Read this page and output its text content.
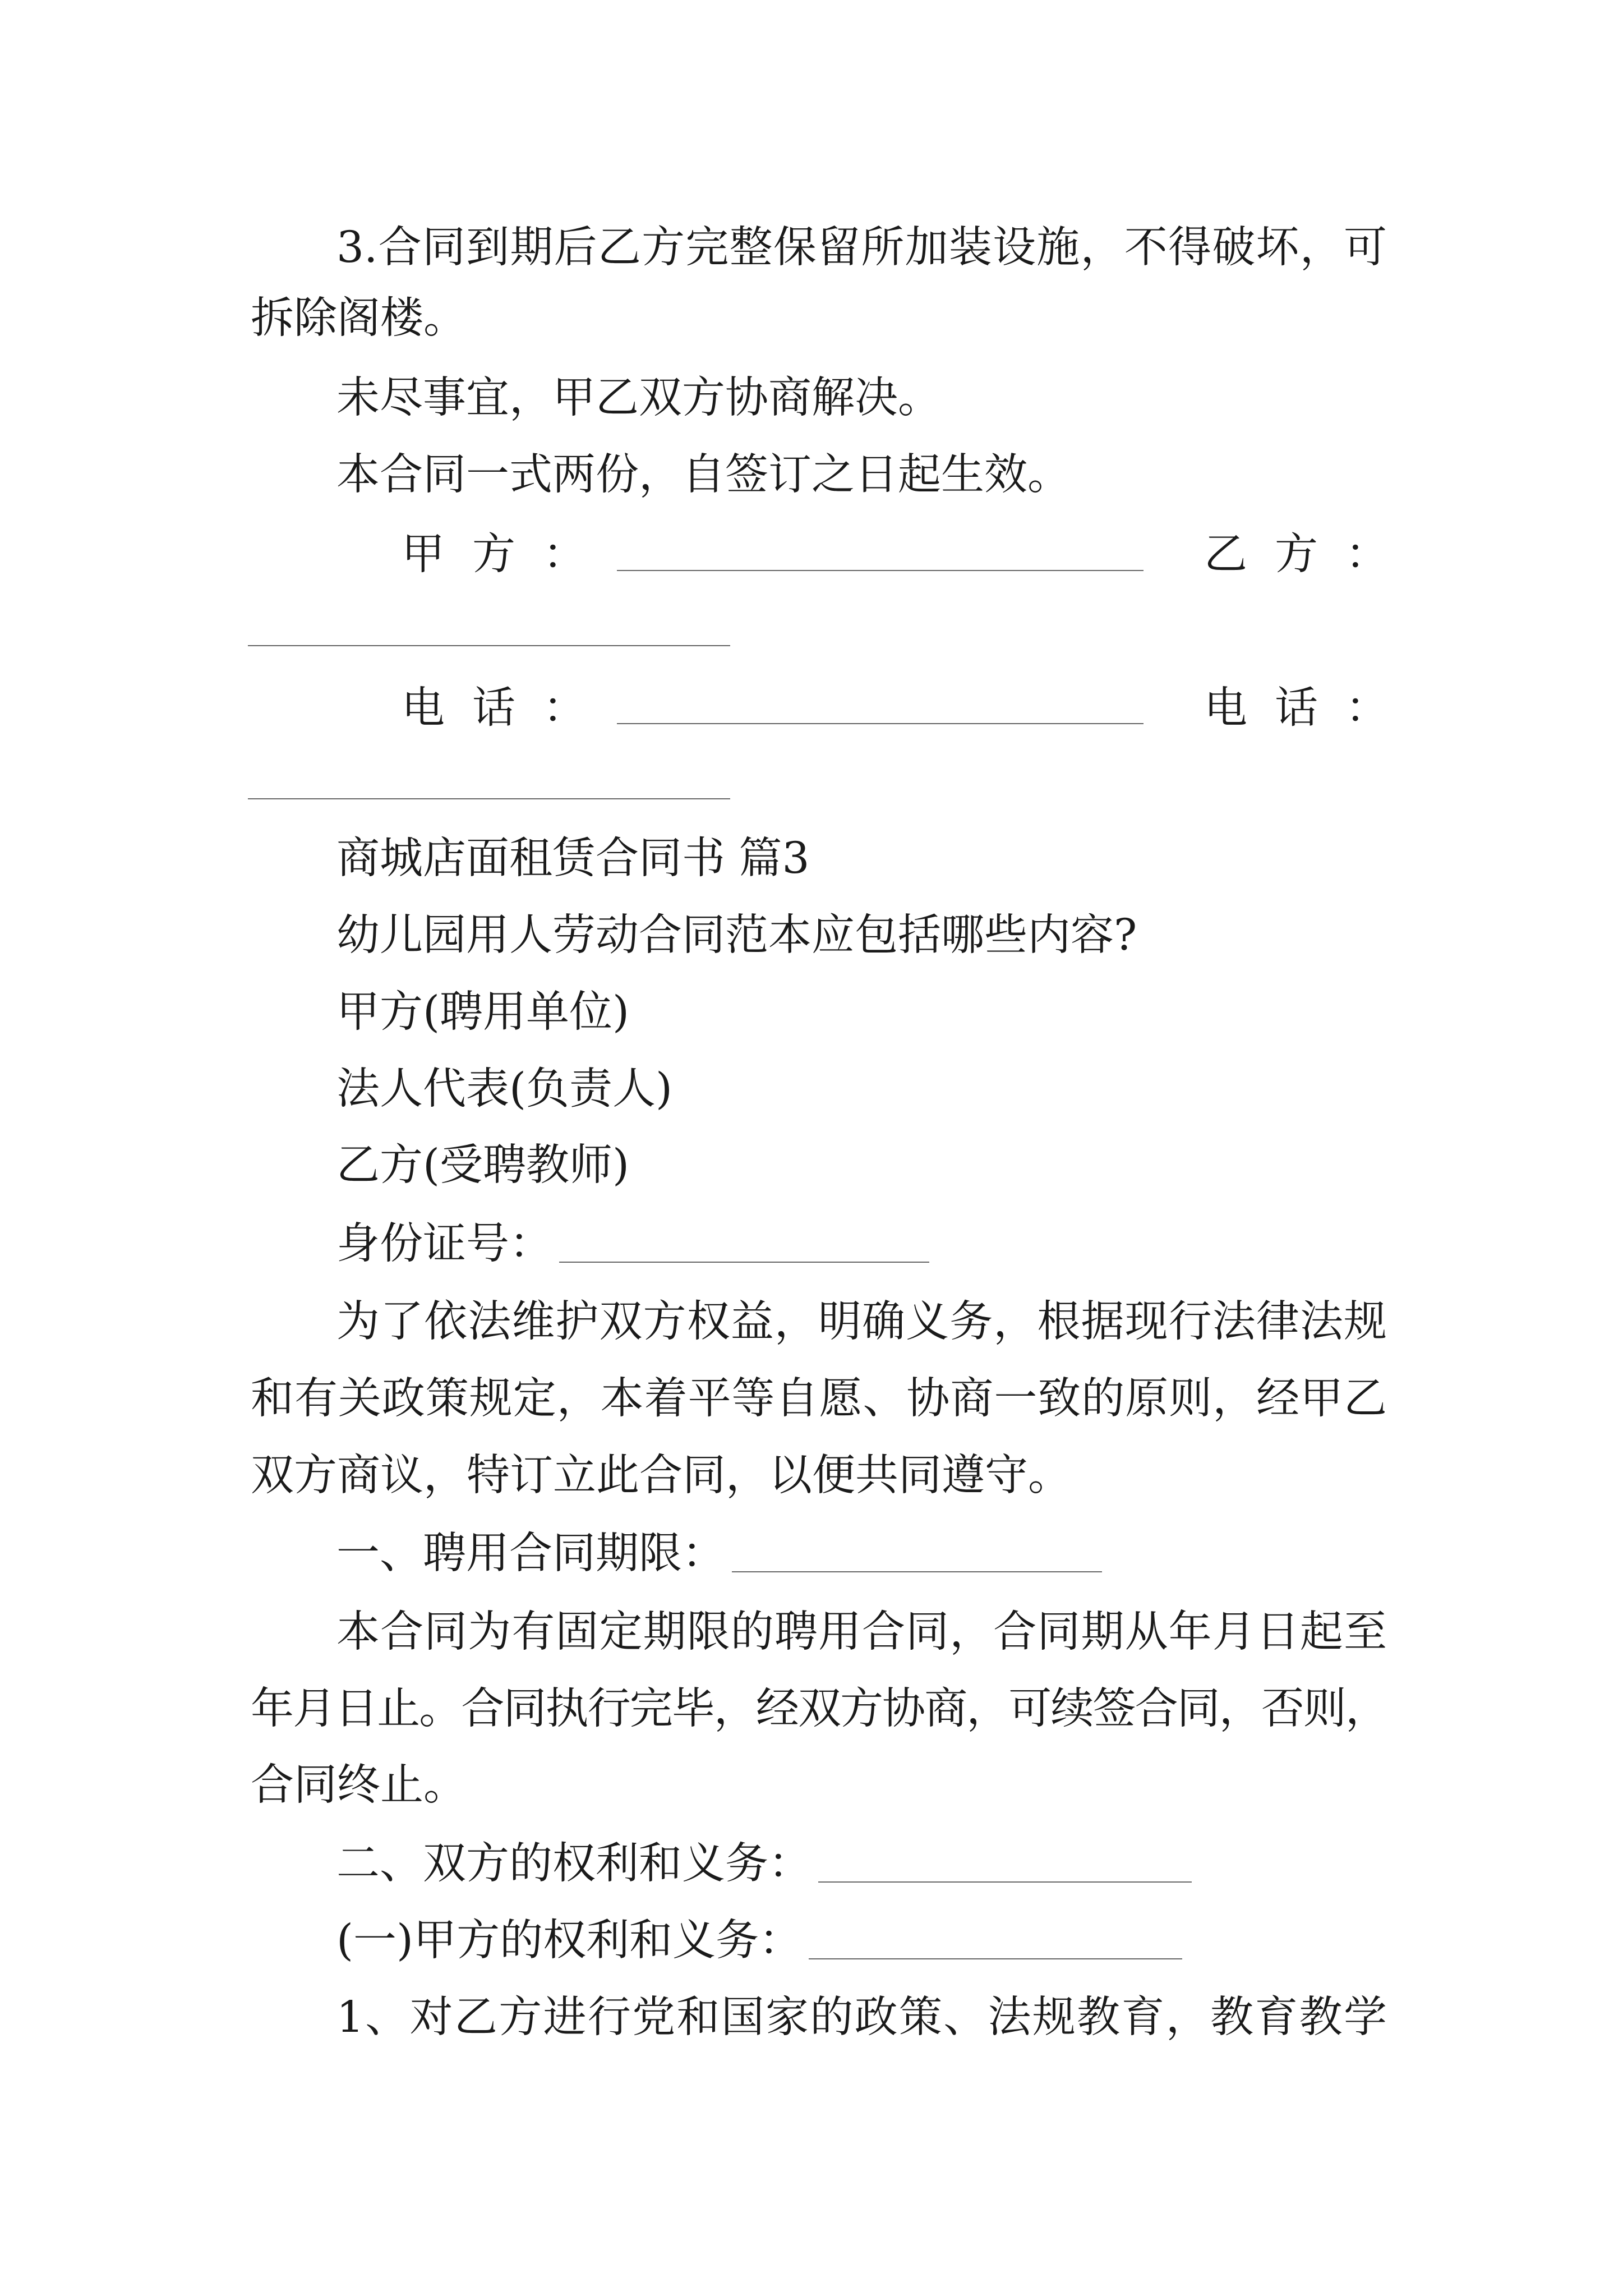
3.合同到期后乙方完整保留所加装设施，不得破坏，可
拆除阁楼。
未尽事宜，甲乙双方协商解决。
本合同一式两份，自签订之日起生效。
甲方：	乙方：
电话：	电话：
商城店面租赁合同书 篇3
幼儿园用人劳动合同范本应包括哪些内容?
甲方(聘用单位)
法人代表(负责人)
乙方(受聘教师)
身份证号：
为了依法维护双方权益，明确义务，根据现行法律法规
和有关政策规定，本着平等自愿、协商一致的原则，经甲乙
双方商议，特订立此合同，以便共同遵守。
一、聘用合同期限：
本合同为有固定期限的聘用合同，合同期从年月日起至
年月日止。合同执行完毕，经双方协商，可续签合同，否则，
合同终止。
二、双方的权利和义务：
(一)甲方的权利和义务：
1、对乙方进行党和国家的政策、法规教育，教育教学
